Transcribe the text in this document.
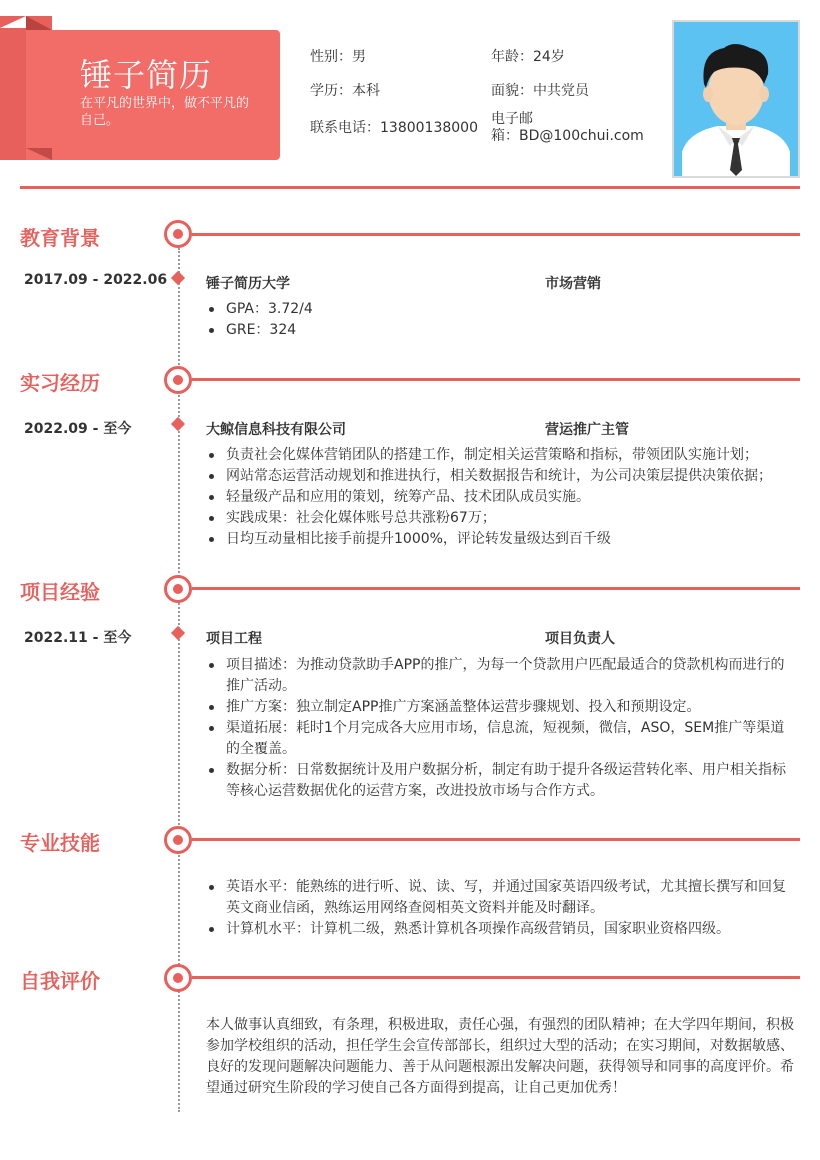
锤子简历
在平凡的世界中，做不平凡的自己。
性别：男	年龄：24岁
学历：本科	面貌：中共党员
联系电话：13800138000
电子邮
箱：BD@100chui.com
教育背景
2017.09 - 2022.06	锤子简历大学	市场营销
GPA：3.72/4
GRE：324
实习经历
2022.09 - 至今	大鲸信息科技有限公司	营运推广主管
负责社会化媒体营销团队的搭建工作，制定相关运营策略和指标，带领团队实施计划；
网站常态运营活动规划和推进执行，相关数据报告和统计，为公司决策层提供决策依据；
轻量级产品和应用的策划，统筹产品、技术团队成员实施。
实践成果：社会化媒体账号总共涨粉67万；
日均互动量相比接手前提升1000%，评论转发量级达到百千级
项目经验
2022.11 - 至今	项目工程	项目负责人
项目描述：为推动贷款助手APP的推广，为每一个贷款用户匹配最适合的贷款机构而进行的推广活动。
推广方案：独立制定APP推广方案涵盖整体运营步骤规划、投入和预期设定。
渠道拓展：耗时1个月完成各大应用市场，信息流，短视频，微信，ASO，SEM推广等渠道的全覆盖。
数据分析：日常数据统计及用户数据分析，制定有助于提升各级运营转化率、用户相关指标等核心运营数据优化的运营方案，改进投放市场与合作方式。
专业技能
英语水平：能熟练的进行听、说、读、写，并通过国家英语四级考试，尤其擅长撰写和回复英文商业信函，熟练运用网络查阅相英文资料并能及时翻译。
计算机水平：计算机二级，熟悉计算机各项操作高级营销员，国家职业资格四级。
自我评价
本人做事认真细致，有条理，积极进取，责任心强，有强烈的团队精神；在大学四年期间，积极参加学校组织的活动，担任学生会宣传部部长，组织过大型的活动；在实习期间，对数据敏感、良好的发现问题解决问题能力、善于从问题根源出发解决问题，获得领导和同事的高度评价。希望通过研究生阶段的学习使自己各方面得到提高，让自己更加优秀！
